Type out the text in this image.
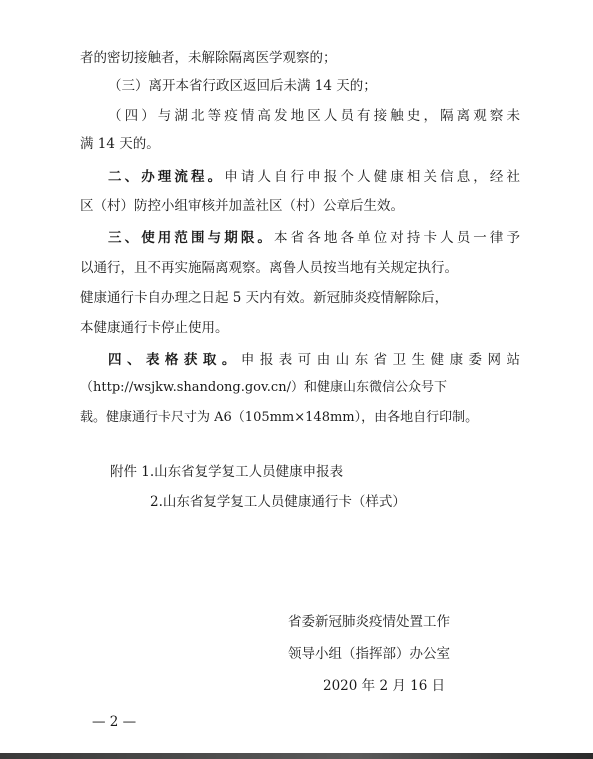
者的密切接触者，未解除隔离医学观察的；
（三）离开本省行政区返回后未满 14 天的；
（四）与湖北等疫情高发地区人员有接触史，隔离观察未
满 14 天的。
二、办理流程。申请人自行申报个人健康相关信息，经社
区（村）防控小组审核并加盖社区（村）公章后生效。
三、使用范围与期限。本省各地各单位对持卡人员一律予
以通行，且不再实施隔离观察。离鲁人员按当地有关规定执行。
健康通行卡自办理之日起 5 天内有效。新冠肺炎疫情解除后，
本健康通行卡停止使用。
四、表格获取。申报表可由山东省卫生健康委网站
（http://wsjkw.shandong.gov.cn/）和健康山东微信公众号下
载。健康通行卡尺寸为 A6（105mm×148mm），由各地自行印制。
附件 1.山东省复学复工人员健康申报表
2.山东省复学复工人员健康通行卡（样式）
省委新冠肺炎疫情处置工作
领导小组（指挥部）办公室
2020 年 2 月 16 日
— 2 —
